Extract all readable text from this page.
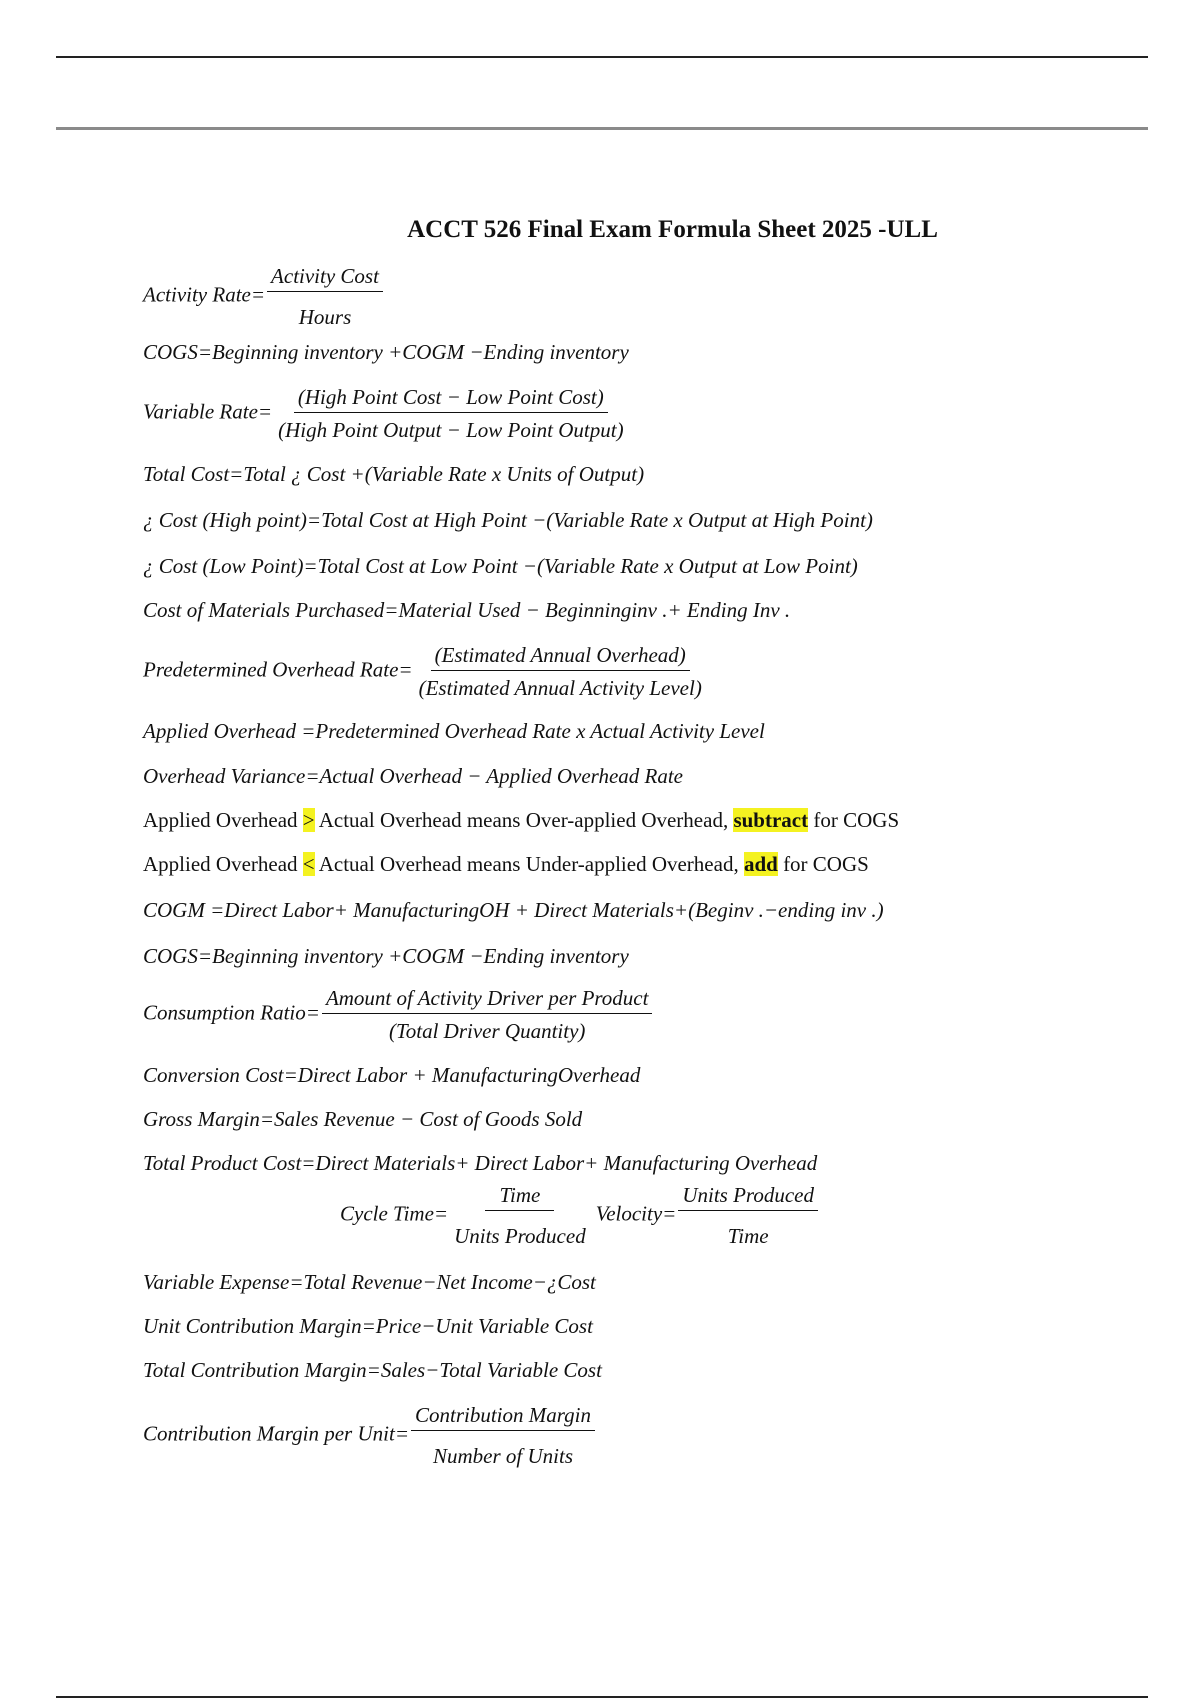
ACCT 526 Final Exam Formula Sheet 2025 -ULL
Activity Rate= $\frac{\text{Activity Cost}}{\text{Hours}}$
COGS=Beginning inventory +COGM −Ending inventory
Variable Rate= $\frac{\text{(High Point Cost − Low Point Cost)}}{\text{(High Point Output − Low Point Output)}}$
Total Cost=Total ¿ Cost +(Variable Rate x Units of Output)
¿ Cost (High point)=Total Cost at High Point −(Variable Rate x Output at High Point)
¿ Cost (Low Point)=Total Cost at Low Point −(Variable Rate x Output at Low Point)
Cost of Materials Purchased=Material Used − Beginninginv .+ Ending Inv .
Predetermined Overhead Rate= $\frac{\text{(Estimated Annual Overhead)}}{\text{(Estimated Annual Activity Level)}}$
Applied Overhead =Predetermined Overhead Rate x Actual Activity Level
Overhead Variance=Actual Overhead − Applied Overhead Rate
Applied Overhead > Actual Overhead means Over-applied Overhead, subtract for COGS
Applied Overhead < Actual Overhead means Under-applied Overhead, add for COGS
COGM =Direct Labor+ ManufacturingOH + Direct Materials+(Beginv .−ending inv .)
COGS=Beginning inventory +COGM −Ending inventory
Consumption Ratio= $\frac{\text{Amount of Activity Driver per Product}}{\text{(Total Driver Quantity)}}$
Conversion Cost=Direct Labor + ManufacturingOverhead
Gross Margin=Sales Revenue − Cost of Goods Sold
Total Product Cost=Direct Materials+ Direct Labor+ Manufacturing Overhead
Cycle Time= $\frac{\text{Time}}{\text{Units Produced}}$ Velocity= $\frac{\text{Units Produced}}{\text{Time}}$
Variable Expense=Total Revenue−Net Income−¿Cost
Unit Contribution Margin=Price−Unit Variable Cost
Total Contribution Margin=Sales−Total Variable Cost
Contribution Margin per Unit= $\frac{\text{Contribution Margin}}{\text{Number of Units}}$
